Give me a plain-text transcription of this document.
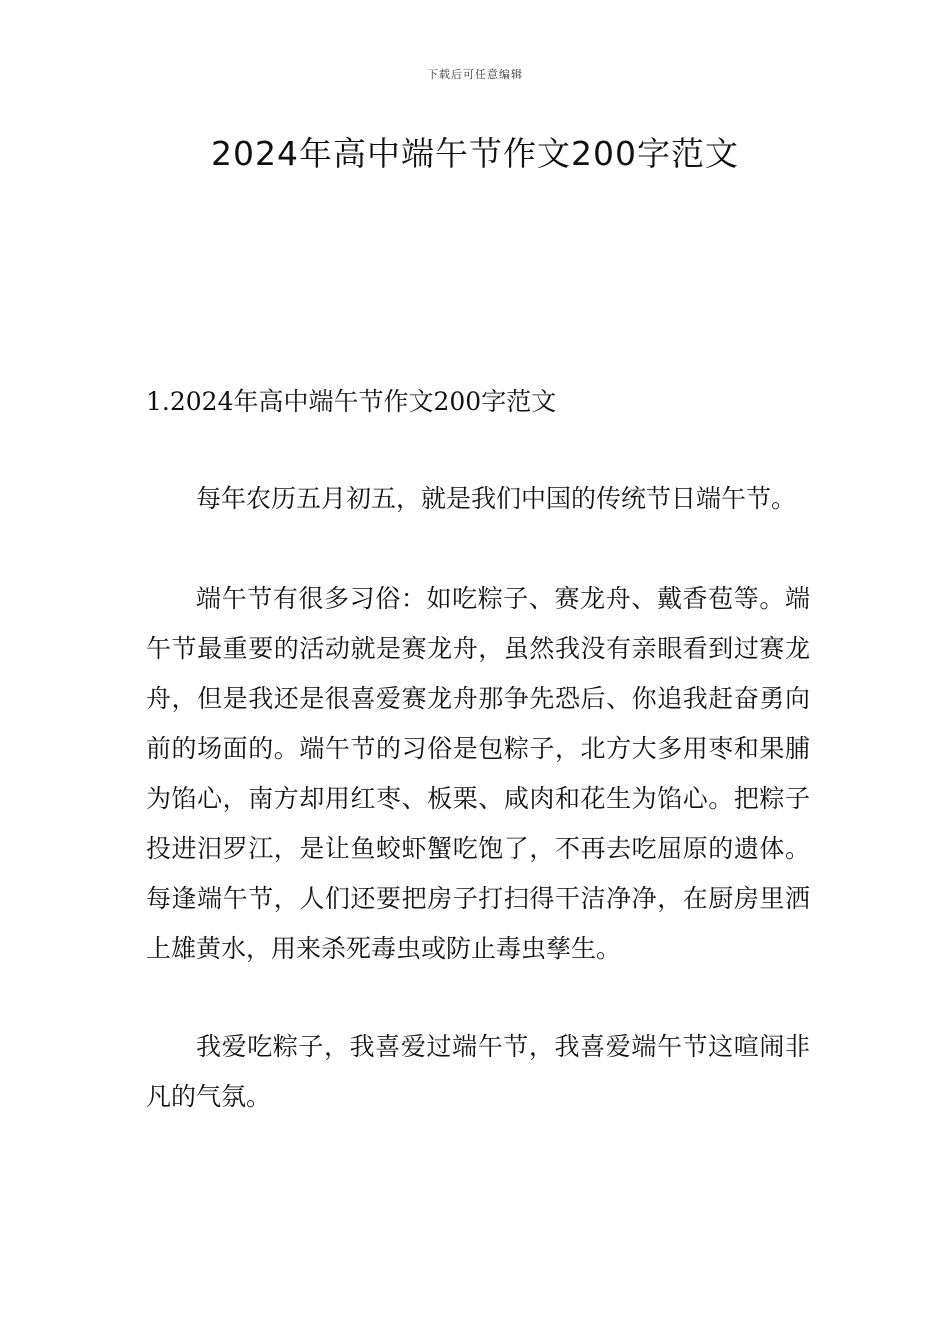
下载后可任意编辑
2024年高中端午节作文200字范文
1.2024年高中端午节作文200字范文

每年农历五月初五，就是我们中国的传统节日端午节。

端午节有很多习俗：如吃粽子、赛龙舟、戴香苞等。端午节最重要的活动就是赛龙舟，虽然我没有亲眼看到过赛龙舟，但是我还是很喜爱赛龙舟那争先恐后、你追我赶奋勇向前的场面的。端午节的习俗是包粽子，北方大多用枣和果脯为馅心，南方却用红枣、板栗、咸肉和花生为馅心。把粽子投进汨罗江，是让鱼蛟虾蟹吃饱了，不再去吃屈原的遗体。每逢端午节，人们还要把房子打扫得干洁净净，在厨房里洒上雄黄水，用来杀死毒虫或防止毒虫孳生。

我爱吃粽子，我喜爱过端午节，我喜爱端午节这喧闹非凡的气氛。
